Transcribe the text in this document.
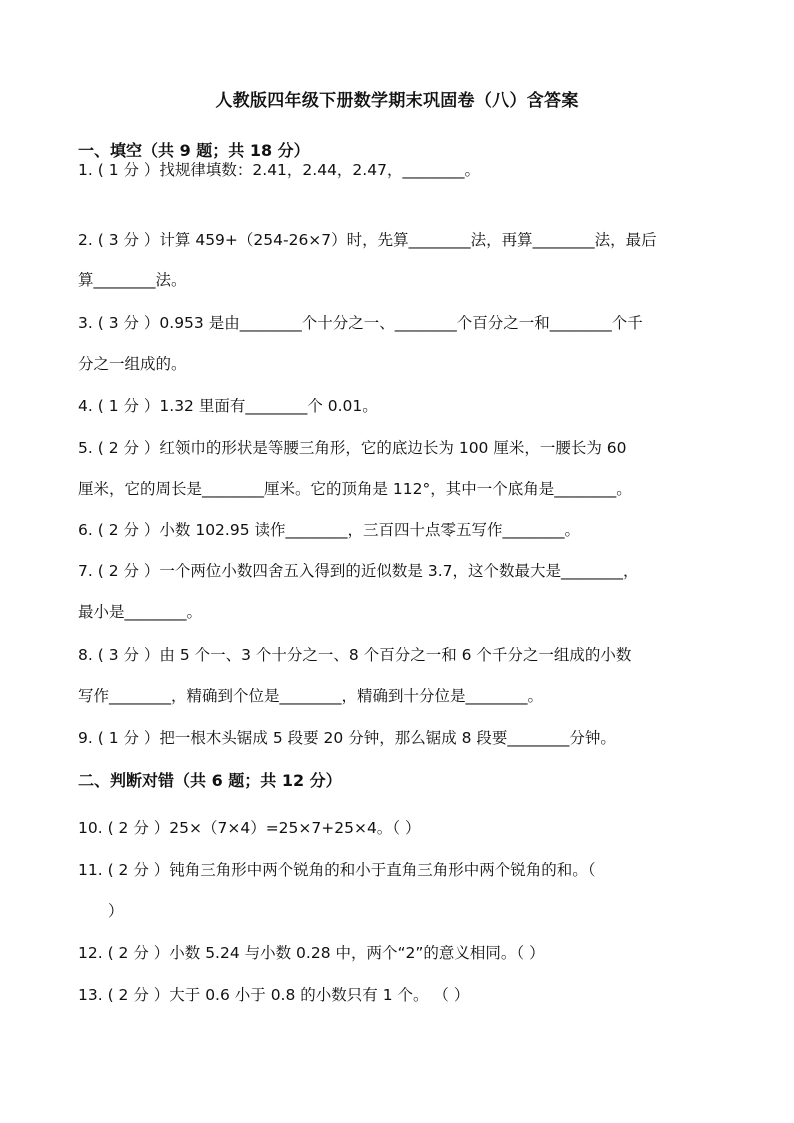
人教版四年级下册数学期末巩固卷（八）含答案
一、填空（共 9 题；共 18 分）
1. ( 1 分 ）找规律填数：2.41，2.44，2.47，________。
2. ( 3 分 ）计算 459+（254-26×7）时，先算________法，再算________法，最后
算________法。
3. ( 3 分 ）0.953 是由________个十分之一、________个百分之一和________个千
分之一组成的。
4. ( 1 分 ）1.32 里面有________个 0.01。
5. ( 2 分 ）红领巾的形状是等腰三角形，它的底边长为 100 厘米，一腰长为 60
厘米，它的周长是________厘米。它的顶角是 112°，其中一个底角是________。
6. ( 2 分 ）小数 102.95 读作________，三百四十点零五写作________。
7. ( 2 分 ）一个两位小数四舍五入得到的近似数是 3.7，这个数最大是________，
最小是________。
8. ( 3 分 ）由 5 个一、3 个十分之一、8 个百分之一和 6 个千分之一组成的小数
写作________，精确到个位是________，精确到十分位是________。
9. ( 1 分 ）把一根木头锯成 5 段要 20 分钟，那么锯成 8 段要________分钟。
二、判断对错（共 6 题；共 12 分）
10. ( 2 分 ）25×（7×4）=25×7+25×4。（ ）
11. ( 2 分 ）钝角三角形中两个锐角的和小于直角三角形中两个锐角的和。（
）
12. ( 2 分 ）小数 5.24 与小数 0.28 中，两个“2”的意义相同。（ ）
13. ( 2 分 ）大于 0.6 小于 0.8 的小数只有 1 个。 （ ）
